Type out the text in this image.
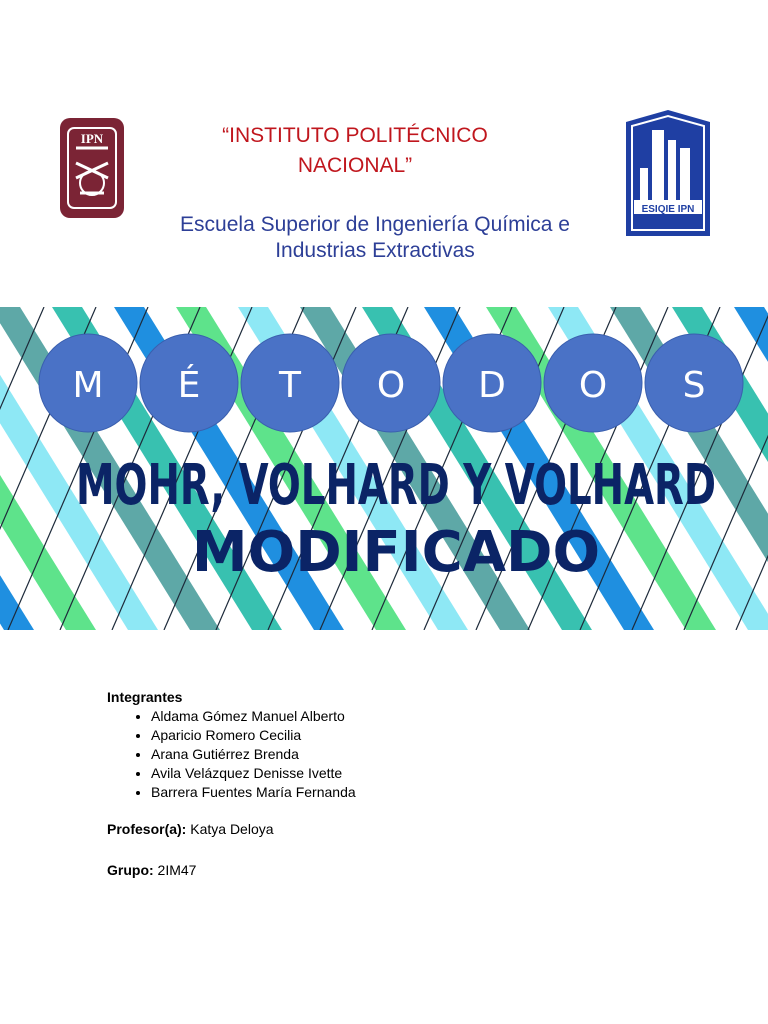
IPN	“INSTITUTO POLITÉCNICO NACIONAL”
Escuela Superior de Ingeniería Química e Industrias Extractivas
ESIQIE IPN
M É T O D O S
MOHR, VOLHARD Y VOLHARD
MODIFICADO
Integrantes
• Aldama Gómez Manuel Alberto
• Aparicio Romero Cecilia
• Arana Gutiérrez Brenda
• Avila Velázquez Denisse Ivette
• Barrera Fuentes María Fernanda
Profesor(a): Katya Deloya
Grupo: 2IM47
